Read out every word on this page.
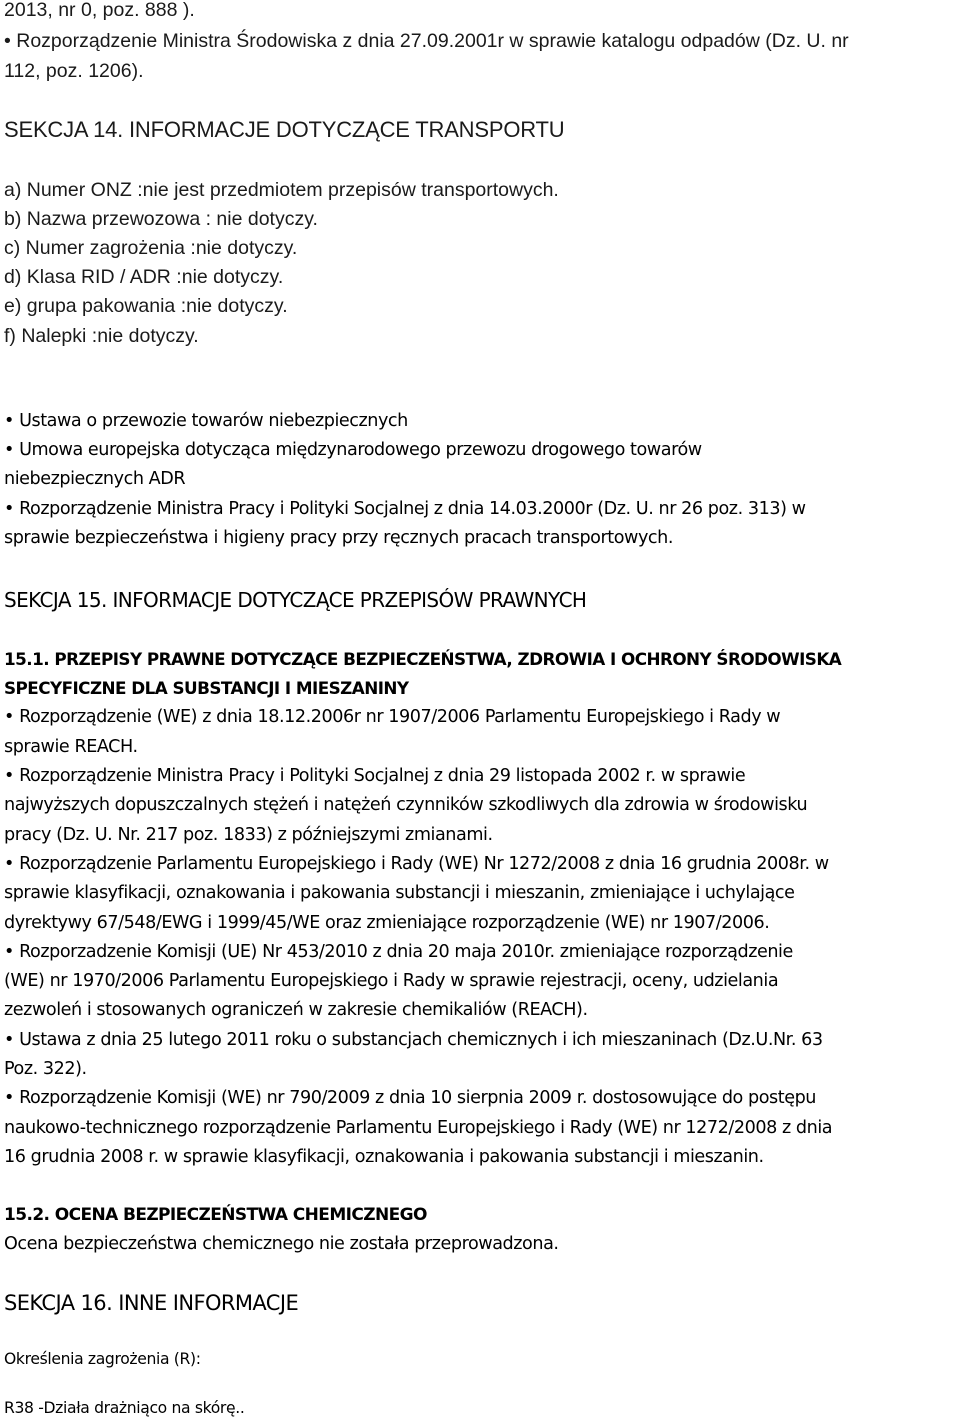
2013, nr 0, poz. 888 ).
• Rozporządzenie Ministra Środowiska z dnia 27.09.2001r w sprawie katalogu odpadów (Dz. U. nr
112, poz. 1206).
SEKCJA 14. INFORMACJE DOTYCZĄCE TRANSPORTU
a) Numer ONZ :nie jest przedmiotem przepisów transportowych.
b) Nazwa przewozowa : nie dotyczy.
c) Numer zagrożenia :nie dotyczy.
d) Klasa RID / ADR :nie dotyczy.
e) grupa pakowania :nie dotyczy.
f) Nalepki :nie dotyczy.
• Ustawa o przewozie towarów niebezpiecznych
• Umowa europejska dotycząca międzynarodowego przewozu drogowego towarów
niebezpiecznych ADR
• Rozporządzenie Ministra Pracy i Polityki Socjalnej z dnia 14.03.2000r (Dz. U. nr 26 poz. 313) w
sprawie bezpieczeństwa i higieny pracy przy ręcznych pracach transportowych.
SEKCJA 15. INFORMACJE DOTYCZĄCE PRZEPISÓW PRAWNYCH
15.1. PRZEPISY PRAWNE DOTYCZĄCE BEZPIECZEŃSTWA, ZDROWIA I OCHRONY ŚRODOWISKA
SPECYFICZNE DLA SUBSTANCJI I MIESZANINY
• Rozporządzenie (WE) z dnia 18.12.2006r nr 1907/2006 Parlamentu Europejskiego i Rady w
sprawie REACH.
• Rozporządzenie Ministra Pracy i Polityki Socjalnej z dnia 29 listopada 2002 r. w sprawie
najwyższych dopuszczalnych stężeń i natężeń czynników szkodliwych dla zdrowia w środowisku
pracy (Dz. U. Nr. 217 poz. 1833) z późniejszymi zmianami.
• Rozporządzenie Parlamentu Europejskiego i Rady (WE) Nr 1272/2008 z dnia 16 grudnia 2008r. w
sprawie klasyfikacji, oznakowania i pakowania substancji i mieszanin, zmieniające i uchylające
dyrektywy 67/548/EWG i 1999/45/WE oraz zmieniające rozporządzenie (WE) nr 1907/2006.
• Rozporzadzenie Komisji (UE) Nr 453/2010 z dnia 20 maja 2010r. zmieniające rozporządzenie
(WE) nr 1970/2006 Parlamentu Europejskiego i Rady w sprawie rejestracji, oceny, udzielania
zezwoleń i stosowanych ograniczeń w zakresie chemikaliów (REACH).
• Ustawa z dnia 25 lutego 2011 roku o substancjach chemicznych i ich mieszaninach (Dz.U.Nr. 63
Poz. 322).
• Rozporządzenie Komisji (WE) nr 790/2009 z dnia 10 sierpnia 2009 r. dostosowujące do postępu
naukowo-technicznego rozporządzenie Parlamentu Europejskiego i Rady (WE) nr 1272/2008 z dnia
16 grudnia 2008 r. w sprawie klasyfikacji, oznakowania i pakowania substancji i mieszanin.
15.2. OCENA BEZPIECZEŃSTWA CHEMICZNEGO
Ocena bezpieczeństwa chemicznego nie została przeprowadzona.
SEKCJA 16. INNE INFORMACJE
Określenia zagrożenia (R):
R38 -Działa drażniąco na skórę..
